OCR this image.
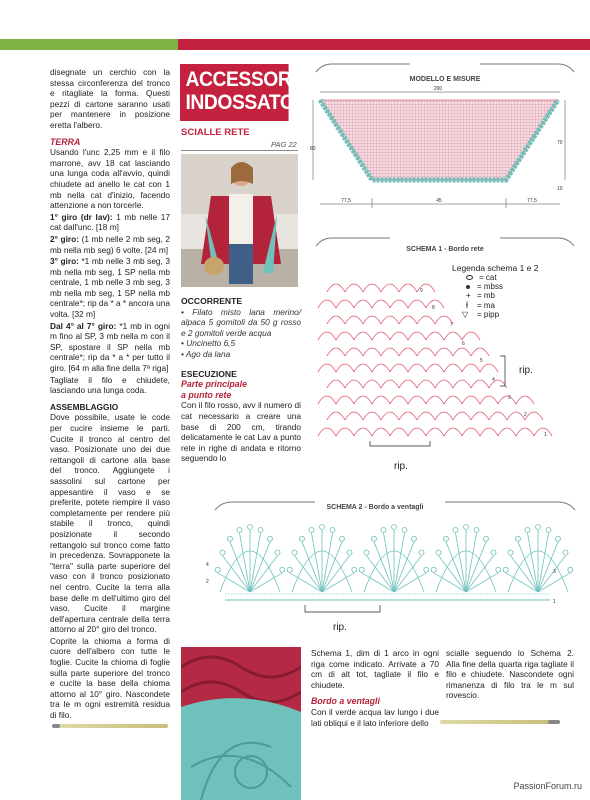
disegnate un cerchio con la stessa circonferenza del tronco e ritagliate la forma. Questi pezzi di cartone saranno usati per mantenere in posizione eretta l'albero.

TERRA

Usando l'unc 2,25 mm e il filo marrone, avv 18 cat lasciando una lunga coda all'avvio, quindi chiudete ad anello le cat con 1 mb nella cat d'inizio, facendo attenzione a non torcerle.

1° giro (dr lav): 1 mb nelle 17 cat dall'unc. [18 m]

2° giro: (1 mb nelle 2 mb seg, 2 mb nella mb seg) 6 volte. [24 m]

3° giro: *1 mb nelle 3 mb seg, 3 mb nella mb seg, 1 SP nella mb centrale, 1 mb nelle 3 mb seg, 3 mb nella mb seg, 1 SP nella mb centrale*; rip da * a * ancora una volta. [32 m]

Dal 4° al 7° giro: *1 mb in ogni m fino al SP, 3 mb nella m con il SP, spostare il SP nella mb centrale*; rip da * a * per tutto il giro. [64 m alla fine della 7ª riga]

Tagliate il filo e chiudete, lasciando una lunga coda.

ASSEMBLAGGIO

Dove possibile, usate le code per cucire insieme le parti. Cucite il tronco al centro del vaso. Posizionate uno dei due rettangoli di cartone alla base del tronco. Aggiungete i sassolini sul cartone per appesantire il vaso e se preferite, potete riempire il vaso completamente per rendere più stabile il tronco, quindi posizionate il secondo rettangolo sul tronco come fatto in precedenza. Sovrapponete la "terra" sulla parte superiore del vaso con il tronco posizionato nel centro. Cucite la terra alla base delle m dell'ultimo giro del vaso. Cucite il margine dell'apertura centrale della terra attorno al 20° giro del tronco.

Coprite la chioma a forma di cuore dell'albero con tutte le foglie. Cucite la chioma di foglie sulla parte superiore del tronco e cucite la base della chioma attorno al 10° giro. Nascondete tra le m ogni estremità residua di filo.

ACCESSORI
INDOSSATO
SCIALLE RETE
PAG 22
OCCORRENTE
• Filato misto lana merino/ alpaca 5 gomitoli da 50 g rosso e 2 gomitoli verde acqua
• Uncinetto 6,5
• Ago da lana
ESECUZIONE
Parte principale
a punto rete

Con il filo rosso, avv il numero di cat necessario a creare una base di 200 cm, tirando delicatamente le cat Lav a punto rete in righe di andata e ritorno seguendo lo

MODELLO E MISURE
200
80
70
10
77,5	45	77,5
SCHEMA 1 - Bordo rete
rip.
rip.
1
3
5
7
9
2
4
6
8
Legenda schema 1 e 2
= cat
= mbss
+ = mb
ƚ = ma
▽ = pipp
SCHEMA 2 - Bordo a ventagli
4
2
3
1
rip.

Schema 1, dim di 1 arco in ogni riga come indicato. Arrivate a 70 cm di alt tot, tagliate il filo e chiudete.

Bordo a ventagli

Con il verde acqua lav lungo i due lati obliqui e il lato inferiore dello

scialle seguendo lo Schema 2. Alla fine della quarta riga tagliate il filo e chiudete. Nascondete ogni rimanenza di filo tra le m sul rovescio.

PassionForum.ru
